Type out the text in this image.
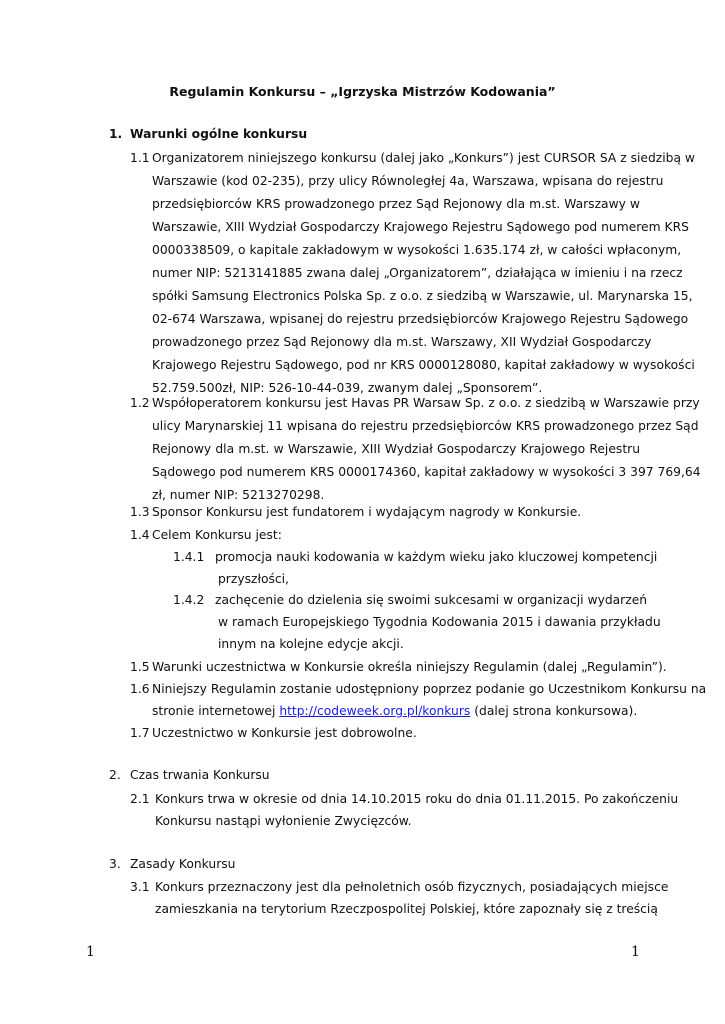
Regulamin Konkursu – „Igrzyska Mistrzów Kodowania”
1. Warunki ogólne konkursu
1.1 Organizatorem niniejszego konkursu (dalej jako „Konkurs”) jest CURSOR SA z siedzibą w
Warszawie (kod 02-235), przy ulicy Równoległej 4a, Warszawa, wpisana do rejestru
przedsiębiorców KRS prowadzonego przez Sąd Rejonowy dla m.st. Warszawy w
Warszawie, XIII Wydział Gospodarczy Krajowego Rejestru Sądowego pod numerem KRS
0000338509, o kapitale zakładowym w wysokości 1.635.174 zł, w całości wpłaconym,
numer NIP: 5213141885 zwana dalej „Organizatorem”, działająca w imieniu i na rzecz
spółki Samsung Electronics Polska Sp. z o.o. z siedzibą w Warszawie, ul. Marynarska 15,
02-674 Warszawa, wpisanej do rejestru przedsiębiorców Krajowego Rejestru Sądowego
prowadzonego przez Sąd Rejonowy dla m.st. Warszawy, XII Wydział Gospodarczy
Krajowego Rejestru Sądowego, pod nr KRS 0000128080, kapitał zakładowy w wysokości
52.759.500zł, NIP: 526-10-44-039, zwanym dalej „Sponsorem”.
1.2 Współoperatorem konkursu jest Havas PR Warsaw Sp. z o.o. z siedzibą w Warszawie przy
ulicy Marynarskiej 11 wpisana do rejestru przedsiębiorców KRS prowadzonego przez Sąd
Rejonowy dla m.st. w Warszawie, XIII Wydział Gospodarczy Krajowego Rejestru
Sądowego pod numerem KRS 0000174360, kapitał zakładowy w wysokości 3 397 769,64
zł, numer NIP: 5213270298.
1.3 Sponsor Konkursu jest fundatorem i wydającym nagrody w Konkursie.
1.4 Celem Konkursu jest:
1.4.1 promocja nauki kodowania w każdym wieku jako kluczowej kompetencji
przyszłości,
1.4.2 zachęcenie do dzielenia się swoimi sukcesami w organizacji wydarzeń
w ramach Europejskiego Tygodnia Kodowania 2015 i dawania przykładu
innym na kolejne edycje akcji.
1.5 Warunki uczestnictwa w Konkursie określa niniejszy Regulamin (dalej „Regulamin”).
1.6 Niniejszy Regulamin zostanie udostępniony poprzez podanie go Uczestnikom Konkursu na
stronie internetowej http://codeweek.org.pl/konkurs (dalej strona konkursowa).
1.7 Uczestnictwo w Konkursie jest dobrowolne.
2. Czas trwania Konkursu
2.1 Konkurs trwa w okresie od dnia 14.10.2015 roku do dnia 01.11.2015. Po zakończeniu
Konkursu nastąpi wyłonienie Zwycięzców.
3. Zasady Konkursu
3.1 Konkurs przeznaczony jest dla pełnoletnich osób fizycznych, posiadających miejsce
zamieszkania na terytorium Rzeczpospolitej Polskiej, które zapoznały się z treścią
1	1
